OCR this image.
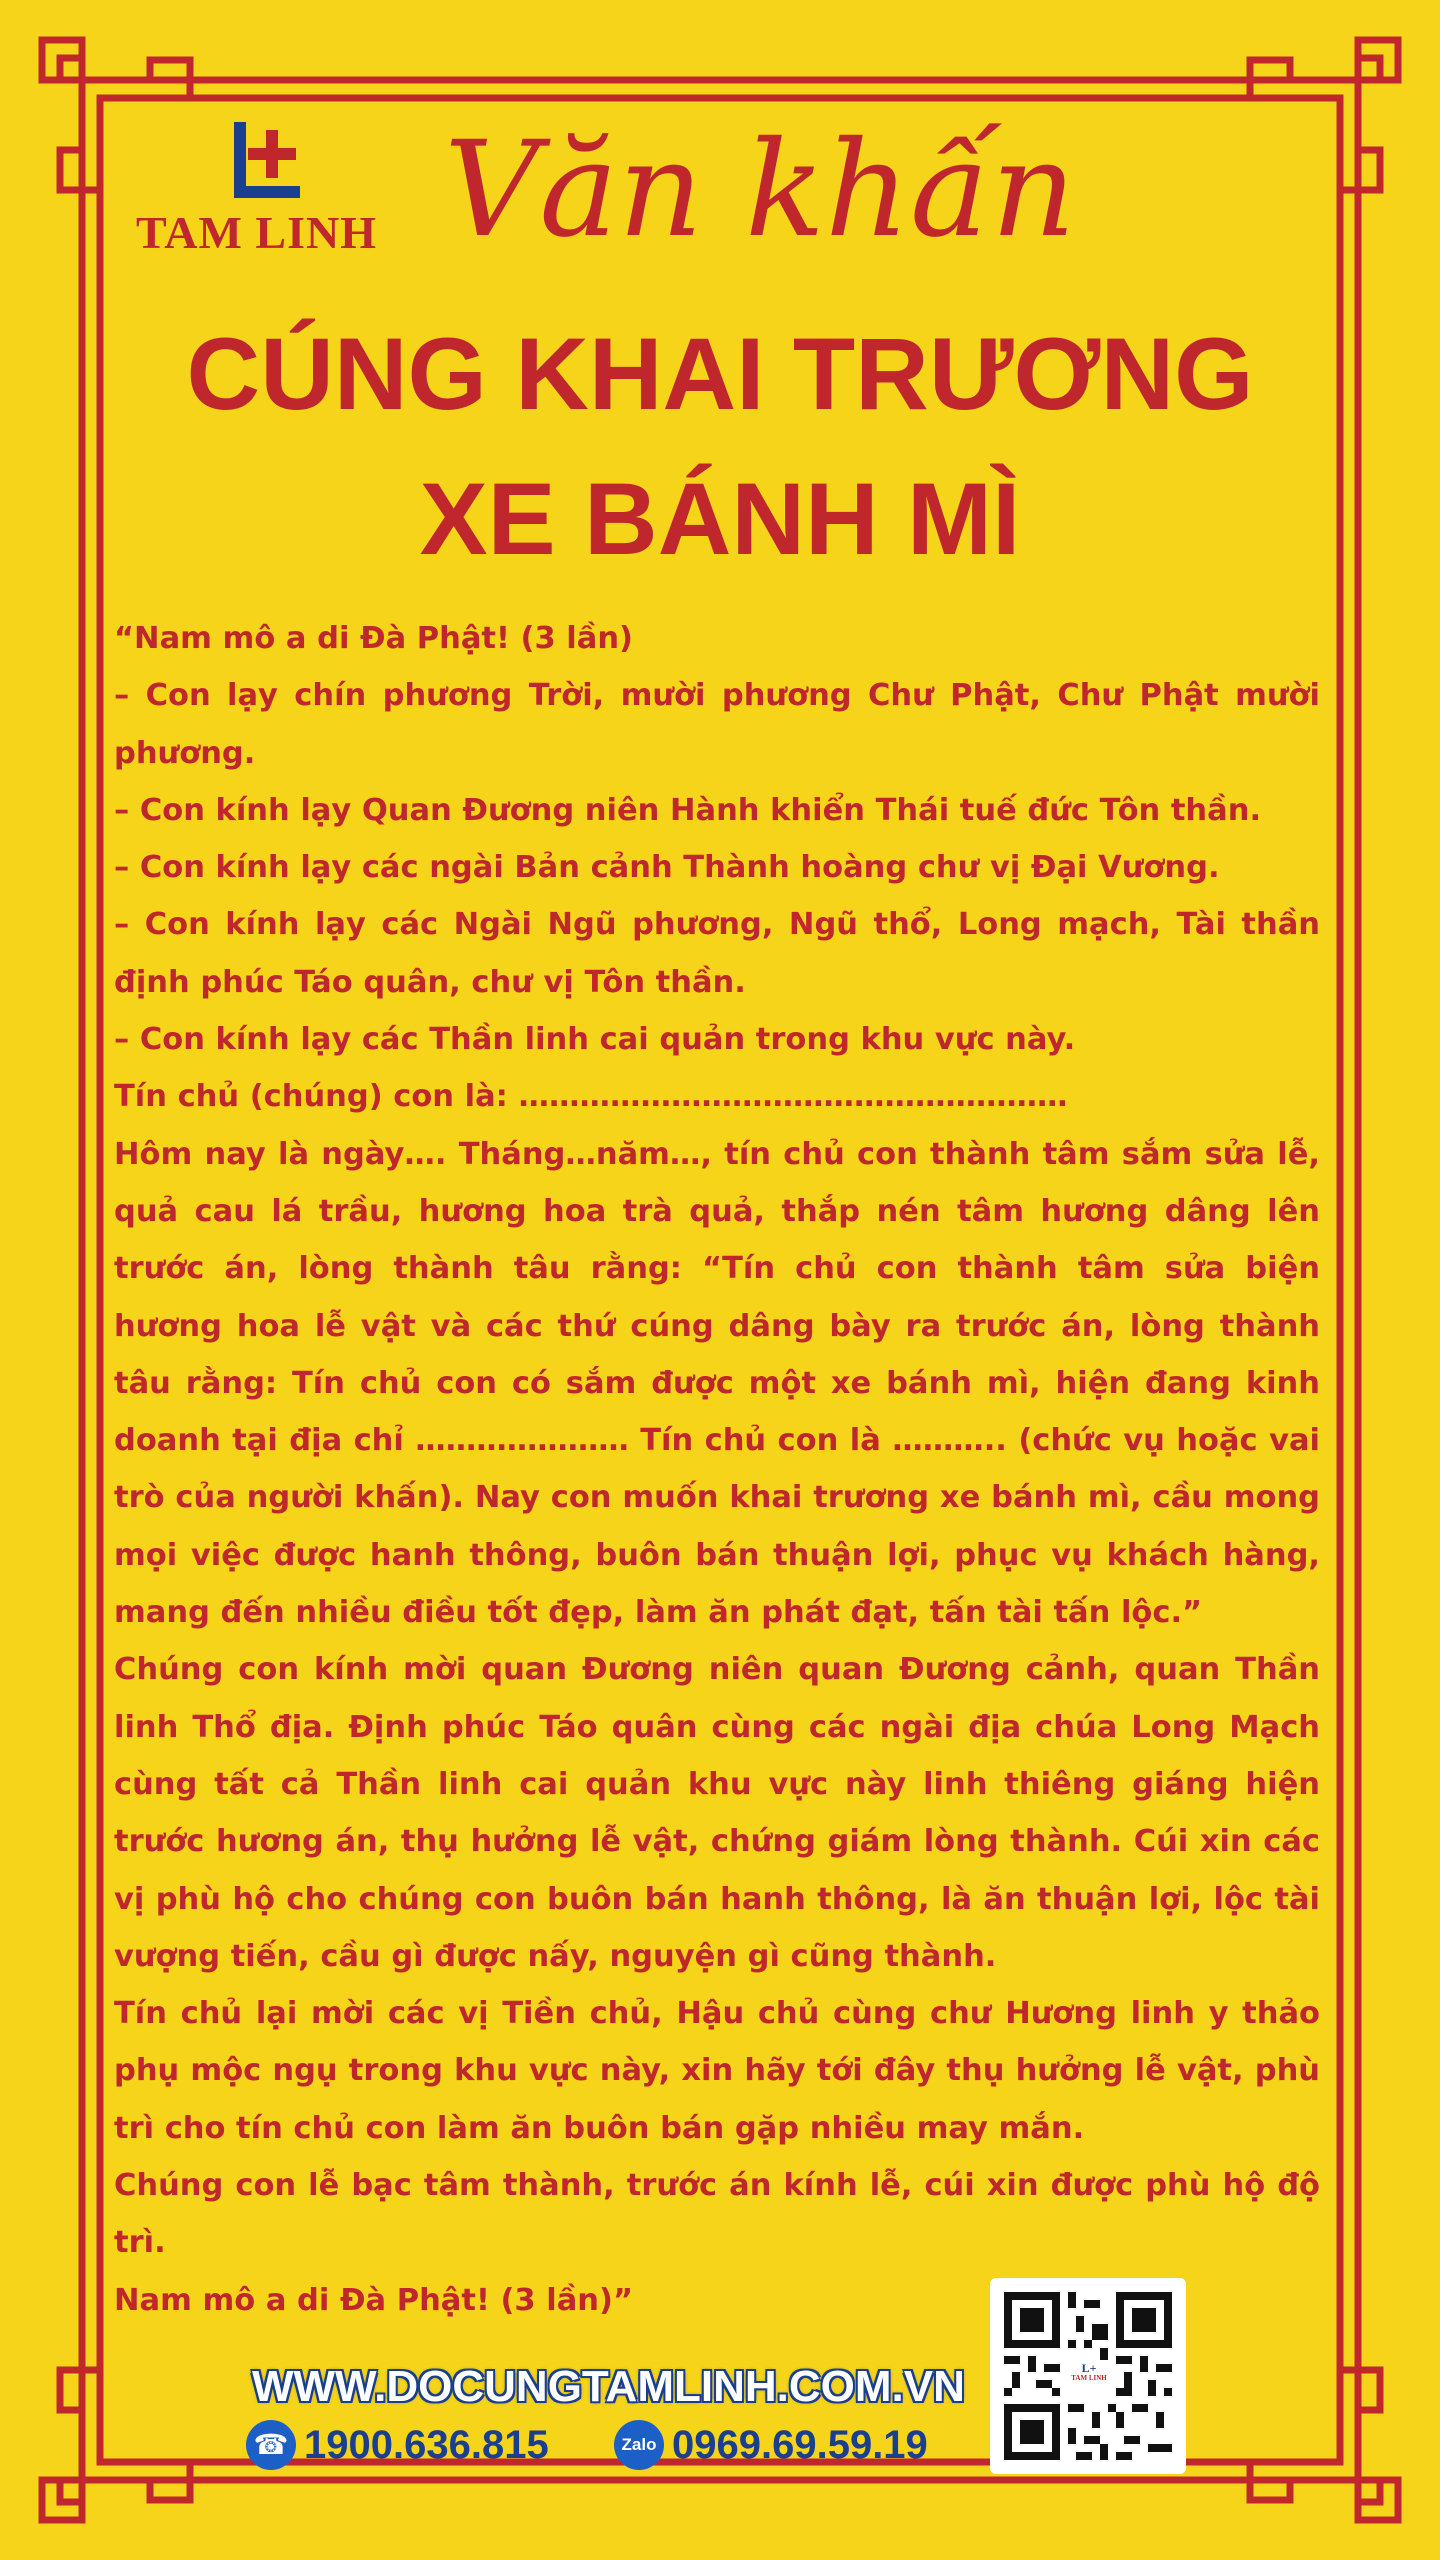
TAM LINH Văn khấn
CÚNG KHAI TRƯƠNG
XE BÁNH MÌ

“Nam mô a di Đà Phật! (3 lần)

– Con lạy chín phương Trời, mười phương Chư Phật, Chư Phật mười phương.

– Con kính lạy Quan Đương niên Hành khiển Thái tuế đức Tôn thần.

– Con kính lạy các ngài Bản cảnh Thành hoàng chư vị Đại Vương.

– Con kính lạy các Ngài Ngũ phương, Ngũ thổ, Long mạch, Tài thần định phúc Táo quân, chư vị Tôn thần.

– Con kính lạy các Thần linh cai quản trong khu vực này.

Tín chủ (chúng) con là: ………………………………………………

Hôm nay là ngày…. Tháng…năm…, tín chủ con thành tâm sắm sửa lễ, quả cau lá trầu, hương hoa trà quả, thắp nén tâm hương dâng lên trước án, lòng thành tâu rằng: “Tín chủ con thành tâm sửa biện hương hoa lễ vật và các thứ cúng dâng bày ra trước án, lòng thành tâu rằng: Tín chủ con có sắm được một xe bánh mì, hiện đang kinh doanh tại địa chỉ ………………… Tín chủ con là ……….. (chức vụ hoặc vai trò của người khấn). Nay con muốn khai trương xe bánh mì, cầu mong mọi việc được hanh thông, buôn bán thuận lợi, phục vụ khách hàng, mang đến nhiều điều tốt đẹp, làm ăn phát đạt, tấn tài tấn lộc.”

Chúng con kính mời quan Đương niên quan Đương cảnh, quan Thần linh Thổ địa. Định phúc Táo quân cùng các ngài địa chúa Long Mạch cùng tất cả Thần linh cai quản khu vực này linh thiêng giáng hiện trước hương án, thụ hưởng lễ vật, chứng giám lòng thành. Cúi xin các vị phù hộ cho chúng con buôn bán hanh thông, là ăn thuận lợi, lộc tài vượng tiến, cầu gì được nấy, nguyện gì cũng thành.

Tín chủ lại mời các vị Tiền chủ, Hậu chủ cùng chư Hương linh y thảo phụ mộc ngụ trong khu vực này, xin hãy tới đây thụ hưởng lễ vật, phù trì cho tín chủ con làm ăn buôn bán gặp nhiều may mắn.

Chúng con lễ bạc tâm thành, trước án kính lễ, cúi xin được phù hộ độ trì.

Nam mô a di Đà Phật! (3 lần)”

WWW.DOCUNGTAMLINH.COM.VN
☎ 1900.636.815	Zalo 0969.69.59.19
L+
TAM LINH
